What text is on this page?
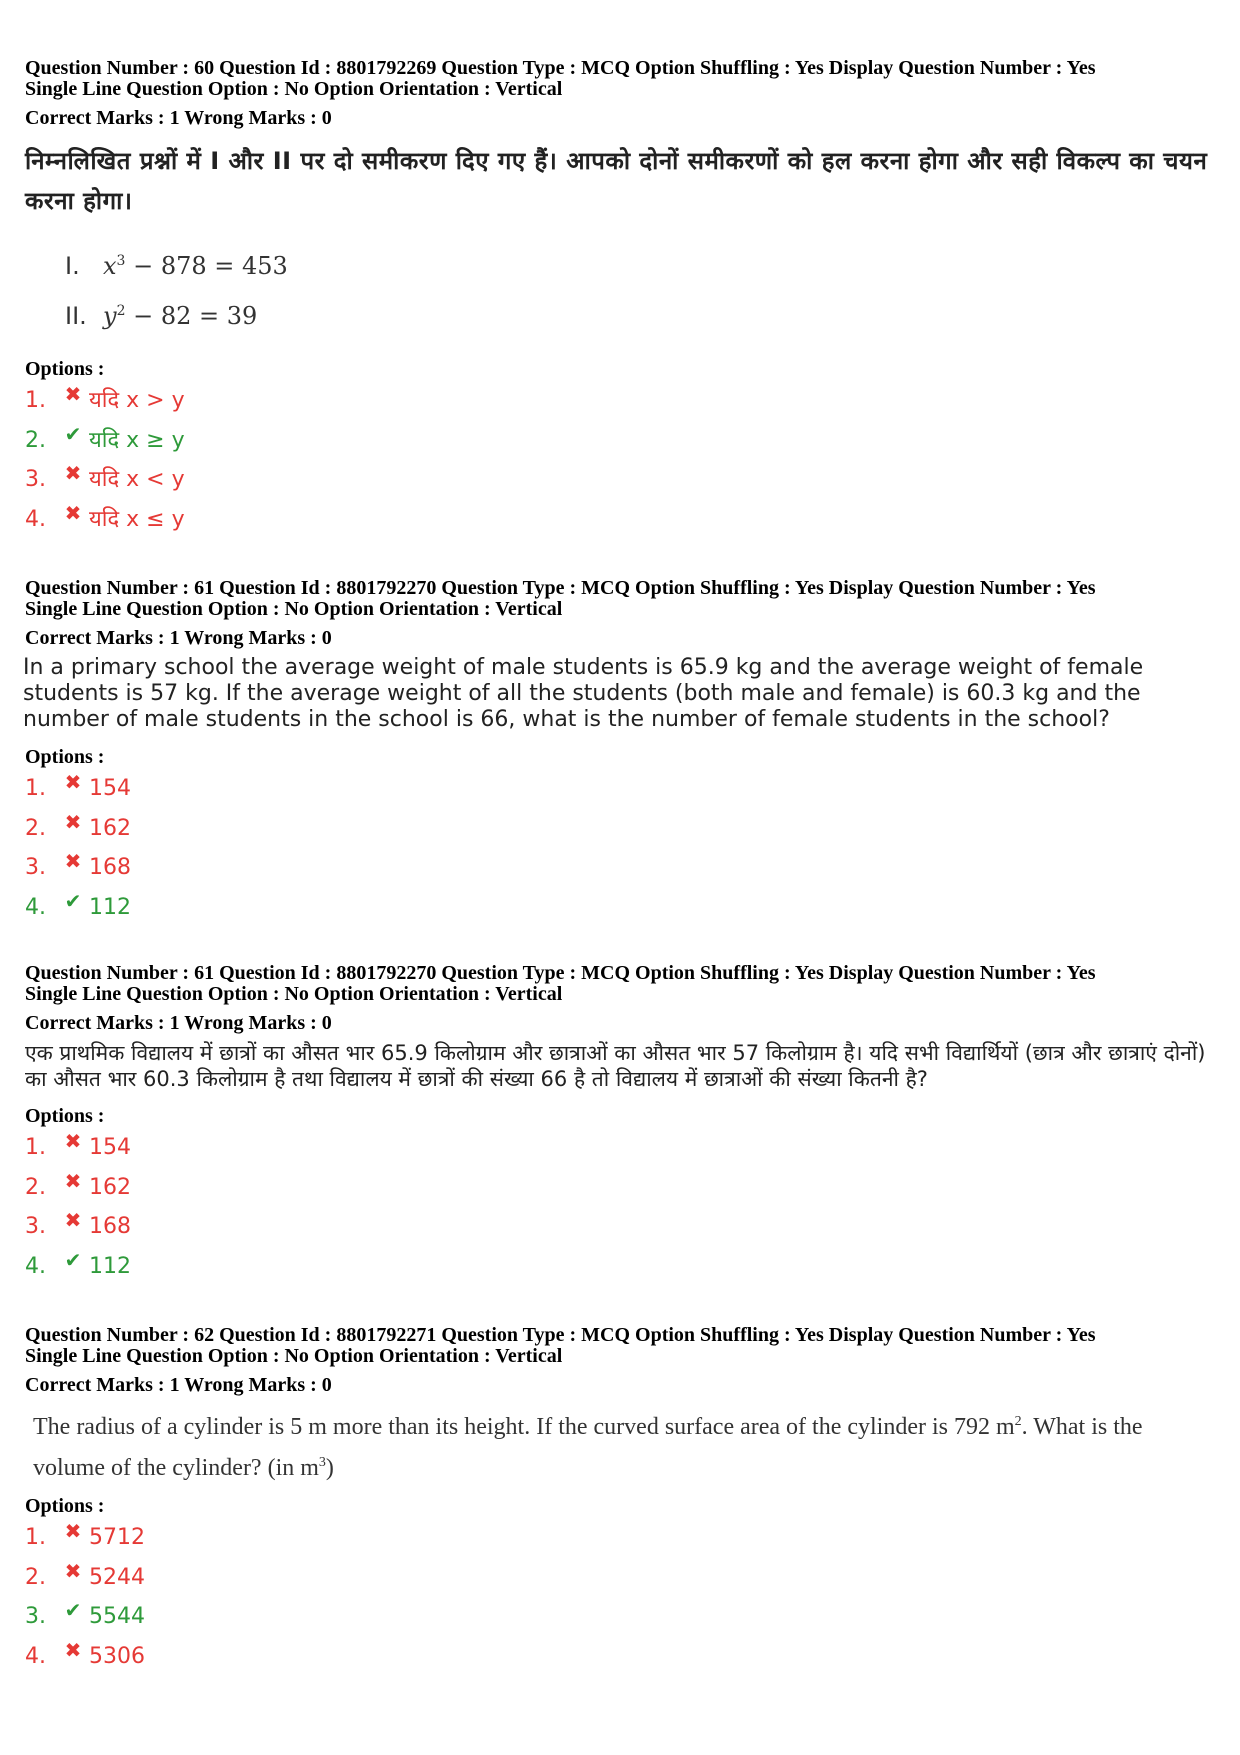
Question Number : 60 Question Id : 8801792269 Question Type : MCQ Option Shuffling : Yes Display Question Number : Yes
Single Line Question Option : No Option Orientation : Vertical
Correct Marks : 1 Wrong Marks : 0
निम्नलिखित प्रश्नों में I और II पर दो समीकरण दिए गए हैं। आपको दोनों समीकरणों को हल करना होगा और सही विकल्प का चयन करना होगा।
I. $x^3 - 878 = 453$
II. $y^2 - 82 = 39$
Options :
1. ✖ यदि x > y
2. ✔ यदि x ≥ y
3. ✖ यदि x < y
4. ✖ यदि x ≤ y
Question Number : 61 Question Id : 8801792270 Question Type : MCQ Option Shuffling : Yes Display Question Number : Yes
Single Line Question Option : No Option Orientation : Vertical
Correct Marks : 1 Wrong Marks : 0
In a primary school the average weight of male students is 65.9 kg and the average weight of female students is 57 kg. If the average weight of all the students (both male and female) is 60.3 kg and the number of male students in the school is 66, what is the number of female students in the school?
Options :
1. ✖ 154
2. ✖ 162
3. ✖ 168
4. ✔ 112
Question Number : 61 Question Id : 8801792270 Question Type : MCQ Option Shuffling : Yes Display Question Number : Yes
Single Line Question Option : No Option Orientation : Vertical
Correct Marks : 1 Wrong Marks : 0
एक प्राथमिक विद्यालय में छात्रों का औसत भार 65.9 किलोग्राम और छात्राओं का औसत भार 57 किलोग्राम है। यदि सभी विद्यार्थियों (छात्र और छात्राएं दोनों) का औसत भार 60.3 किलोग्राम है तथा विद्यालय में छात्रों की संख्या 66 है तो विद्यालय में छात्राओं की संख्या कितनी है?
Options :
1. ✖ 154
2. ✖ 162
3. ✖ 168
4. ✔ 112
Question Number : 62 Question Id : 8801792271 Question Type : MCQ Option Shuffling : Yes Display Question Number : Yes
Single Line Question Option : No Option Orientation : Vertical
Correct Marks : 1 Wrong Marks : 0
The radius of a cylinder is 5 m more than its height. If the curved surface area of the cylinder is 792 $m^2$. What is the volume of the cylinder? (in $m^3$)
Options :
1. ✖ 5712
2. ✖ 5244
3. ✔ 5544
4. ✖ 5306
